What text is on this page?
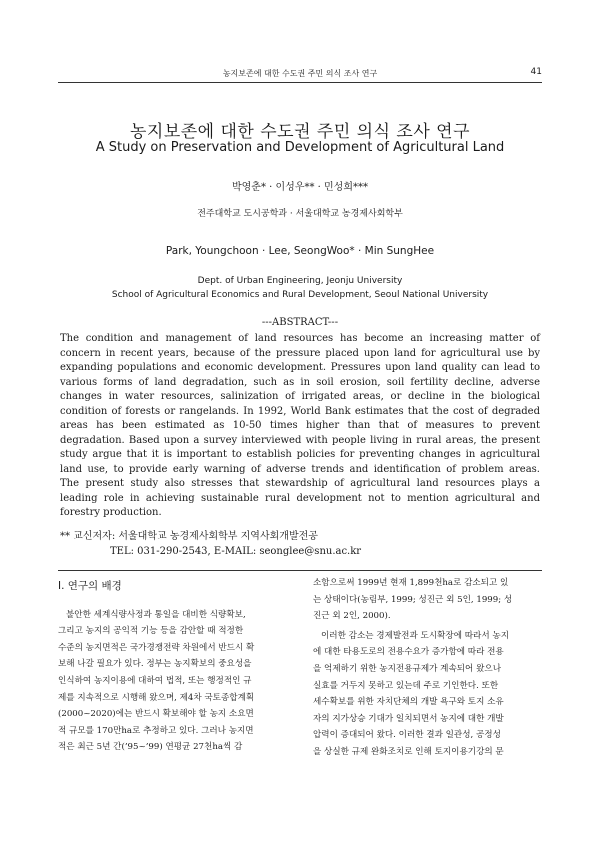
농지보존에 대한 수도권 주민 의식 조사 연구	41
농지보존에 대한 수도권 주민 의식 조사 연구
A Study on Preservation and Development of Agricultural Land
박영춘* · 이성우** · 민성희***
전주대학교 도시공학과 · 서울대학교 농경제사회학부
Park, Youngchoon · Lee, SeongWoo* · Min SungHee
Dept. of Urban Engineering, Jeonju University
School of Agricultural Economics and Rural Development, Seoul National University
---ABSTRACT---
The condition and management of land resources has become an increasing matter of
concern in recent years, because of the pressure placed upon land for agricultural use by
expanding populations and economic development. Pressures upon land quality can lead to
various forms of land degradation, such as in soil erosion, soil fertility decline, adverse
changes in water resources, salinization of irrigated areas, or decline in the biological
condition of forests or rangelands. In 1992, World Bank estimates that the cost of degraded
areas has been estimated as 10-50 times higher than that of measures to prevent
degradation. Based upon a survey interviewed with people living in rural areas, the present
study argue that it is important to establish policies for preventing changes in agricultural
land use, to provide early warning of adverse trends and identification of problem areas.
The present study also stresses that stewardship of agricultural land resources plays a
leading role in achieving sustainable rural development not to mention agricultural and
forestry production.
** 교신저자: 서울대학교 농경제사회학부 지역사회개발전공
TEL: 031-290-2543, E-MAIL: seonglee@snu.ac.kr
Ⅰ. 연구의 배경
불안한 세계식량사정과 통일을 대비한 식량확보,
그리고 농지의 공익적 기능 등을 감안할 때 적정한
수준의 농지면적은 국가경쟁전략 차원에서 반드시 확
보해 나갈 필요가 있다. 정부는 농지확보의 중요성을
인식하여 농지이용에 대하여 법적, 또는 행정적인 규
제를 지속적으로 시행해 왔으며, 제4차 국토종합계획
(2000~2020)에는 반드시 확보해야 할 농지 소요면
적 규모를 170만ha로 추정하고 있다. 그러나 농지면
적은 최근 5년 간(’95~’99) 연평균 27천ha씩 감
소함으로써 1999년 현재 1,899천ha로 감소되고 있
는 상태이다(농림부, 1999; 성진근 외 5인, 1999; 성
진근 외 2인, 2000).
이러한 감소는 경제발전과 도시확장에 따라서 농지
에 대한 타용도로의 전용수요가 증가함에 따라 전용
을 억제하기 위한 농지전용규제가 계속되어 왔으나
실효를 거두지 못하고 있는데 주로 기인한다. 또한
세수확보를 위한 자치단체의 개발 욕구와 토지 소유
자의 지가상승 기대가 일치되면서 농지에 대한 개발
압력이 증대되어 왔다. 이러한 결과 일관성, 공정성
을 상실한 규제 완화조치로 인해 토지이용기강의 문
